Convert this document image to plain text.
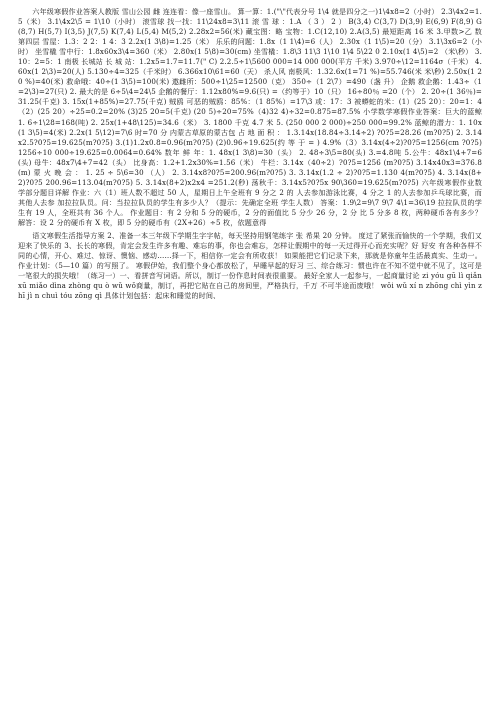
六年级寒假作业答案人教版 雪山公园 雌 连连看：像一座雪山。 算一算：1.("\"代表分号 1\4 就是四分之一)1\4x8=2（小时） 2.3\4x2=1.5（米） 3.1\4x2\5 = 1\10（小时） 滚雪球 找一找：11\24x8=3\11 滚 雪 球 ：1.A （ 3 ） 2 ） B(3,4) C(3,7) D(3,9) E(6,9) F(8,9) G(8,7) H(5,7) I(3,5) J(7,5) K(7,4) L(5,4) M(5,2) 2.28x2=56(米) 藏宝图：略 宝物：1.C(12,10) 2.A(3,5) 最短距离 16 米 3.甲数>乙 数 第四层 雪屋：1.3：2 2：1 4：3 2.2x(1 3\8)=1.25（米） 乐乐的问题：1.8x（1 1\4)=6（人） 2.30x（1 1\5)=20（分） 3.1\3x6=2（小时） 坐雪橇 雪中行：1.8x60x3\4=360（米） 2.80x(1 5\8)=30(cm) 坐雪橇：1.8\3 11\3 1\10 1\4 5\22 0 2.10x(1 4\5)=2 （米\秒） 3.10：2=5：1 南极 长城站 长 城 站：1.2x5=1.7=11.7(" C) 2.2.5÷1\5600 000=14 000 000(平方 千米) 3.970÷\12=1164σ（千米） 4.60x(1 2\3)=20(人) 5.130÷4=325（千米时） 6.366x10\61=60（天） 杀人风 南极风：1.32.6x(1=71 %)=55.746(米 米\秒) 2.50x(1 20 %)=40(米) 救命哦：40÷(1 3\5)=100(米) 遨雌所：500÷1\25=12500（克） 350÷（1 2\7）=490（盏 升） 企鹅 救企鹅：1.43÷（1=2\3)=27(只) 2. 最大的是 6÷5\4=24\5 企鹅的餐厅：1.12x80%=9.6(只) =（约等于）10（只） 16÷80％ =20（个） 2. 20÷(1 36％)=31.25(千克) 3. 15x(1+85%)=27.75(千克) 贼鸥 可恶的贼鸥：85%：（1 85%）=17\3 或：17：3 被蟒蛇的米：(1）(25 20）：20=1：4 （2）(25 20）÷25=0.2=20% (3)25 20=5(千克) (20 5)÷20=75%（4)32 4)÷32=0.875=87.5% 小学数学寒假作业答案：巨大的蓝鲸 1. 6÷1\28=168(吨) 2. 25x(1+48\125)=34.6（米） 3. 1800 千克 4.7 米 5. (250 000 2 000)÷250 000=99.2% 蓝鲸的潜力：1. 10x(1 3\5)=4(米) 2.2x(1 5\12)=7\6 时=70 分 内蒙古草原的蒙古包 占 地 面 积 ： 1.3.14x(18.84÷3.14÷2) ?0?5=28.26 (m?0?5) 2. 3.14x2.5?0?5=19.625(m?0?5) 3.(1)1.2x0.8=0.96(m?0?5) (2)0.96÷19.625(约 等 于 = ) 4.9%（3）3.14x(4÷2)?0?5=1256(cm ?0?5) 1256÷10 000÷19.625=0.0064=0.64% 数年 鲜 年：1. 48x(1 3\8)=30（头） 2. 48÷3\5=80(头) 3.=4.8吨 5.公牛：48x1\4+7=6(头) 母牛：48x7\4+7=42（头） 比身高：1.2+1.2x30%=1.56（米） 牛栏：3.14x（40÷2）?0?5=1256 (m?0?5) 3.14x40x3=376.8(m) 蒙 火 晚 会 ： 1. 25 ÷ 5\6=30 （人） 2. 3.14x8?0?5=200.96(m?0?5) 3. 3.14x(1.2 ÷ 2)?0?5=1.130 4(m?0?5) 4. 3.14x(8+2)?0?5 200.96=113.04(m?0?5) 5. 3.14x(8+2)x2x4 =251.2(秒) 荡秋千：3.14x5?0?5x 90\360=19.625(m?0?5) 六年级寒假作业数学部分题目详解 作业：六（1）班人数不超过 50 人，星期日上午全班有 9 分之 2 的 人去参加游泳比赛，4 分之 1 的人去参加乒乓球比赛，而其他人去参 加拉拉队员。问：当拉拉队员的学生有多少人？（提示：先确定全班 学生人数） 答案：1.9\2=9\7 9\7 4\1=36\19 拉拉队员的学生有 19 人，全班共有 36 个人。 作业题目：有 2 分和 5 分的硬币，2 分的面值比 5 分少 26 分，2 分 比 5 分多 8 枚，两种硬币各有多少？ 解答：设 2 分的硬币有 X 枚，即 5 分的硬币有（2X+26）÷5 枚，依题意得

语文寒假生活指导方案 2、准备一本三年级下学期生字字帖，每天坚持用钢笔练字 张 希果 20 分钟。 度过了紧张而愉快的一个学期，我们又迎来了快乐的 3、长长的寒假，肯定会发生许多有趣、难忘的事，你也会难忘，怎样让假期中的每一天过得开心而充实呢？好 好安 有各种各样不同的心情，开心、难过、惊讶、懊恼、感动……择一下，相信你一定会有所收获！ 如果能把它们记录下来，那就是你童年生活最真实、生动一。作业计划：（5—10 篇）的写照了。 寒假伊始，我们整个身心都放松了，早睡早起的好习 三、综合练习：惯也许在不知不觉中就不见了，这可是一笔很大的损失哦！（练习一）一、看拼音写词语。所以，制订一份作息时间表很重要。 最好全家人一起参与，一起商量讨论 zi yóu gū lì qiǎn xū miǎo dìna zhòng qu ò wǔ wǒ商量，制订，再把它贴在自己的房间里，严格执行，千万 不可半途而废哦！ wǒi wǔ xí n zhōng chì yìn zhī jì n chuì tóu zōng qì 具体计划包括：起床和睡觉的时间、
